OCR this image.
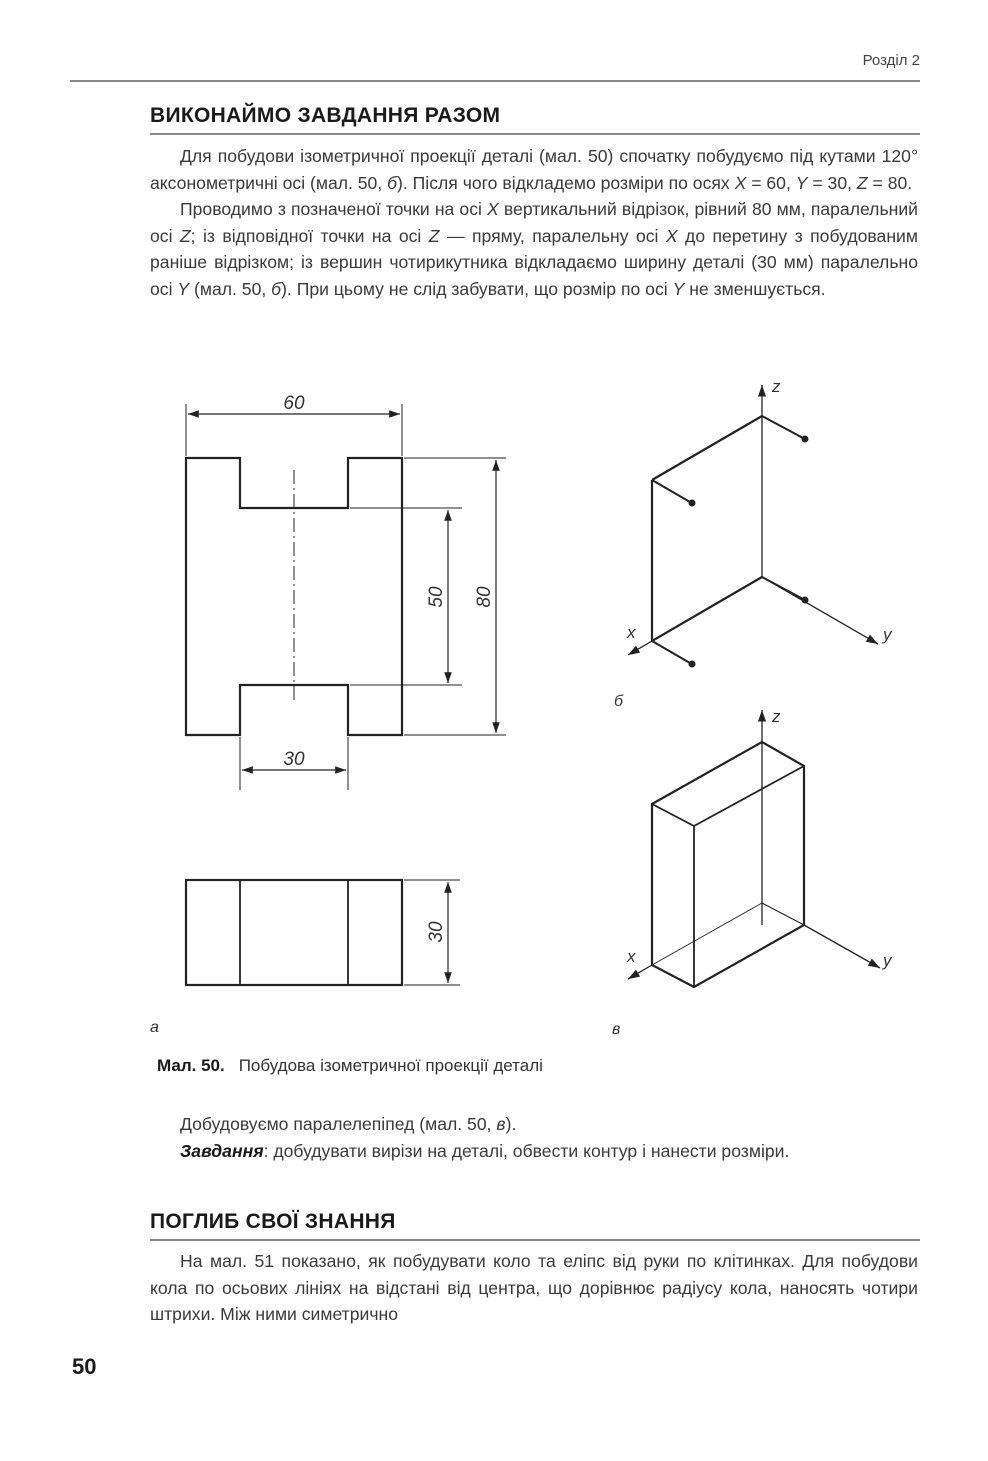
Розділ 2
ВИКОНАЙМО ЗАВДАННЯ РАЗОМ

Для побудови ізометричної проекції деталі (мал. 50) спочатку побудуємо під кутами 120° аксонометричні осі (мал. 50, б). Після чого відкладемо розміри по осях X = 60, Y = 30, Z = 80.

Проводимо з позначеної точки на осі X вертикальний відрізок, рівний 80 мм, паралельний осі Z; із відповідної точки на осі Z — пряму, паралельну осі X до перетину з побудованим раніше відрізком; із вершин чотирикутника відкладаємо ширину деталі (30 мм) паралельно осі Y (мал. 50, б). При цьому не слід забувати, що розмір по осі Y не зменшується.

60
80
50
30
30
а
z
x	y
б
z
x	y
в
Мал. 50. Побудова ізометричної проекції деталі

Добудовуємо паралелепіпед (мал. 50, в).

Завдання: добудувати вирізи на деталі, обвести контур і нанести розміри.

ПОГЛИБ СВОЇ ЗНАННЯ

На мал. 51 показано, як побудувати коло та еліпс від руки по клітинках. Для побудови кола по осьових лініях на відстані від центра, що дорівнює радіусу кола, наносять чотири штрихи. Між ними симетрично

50
